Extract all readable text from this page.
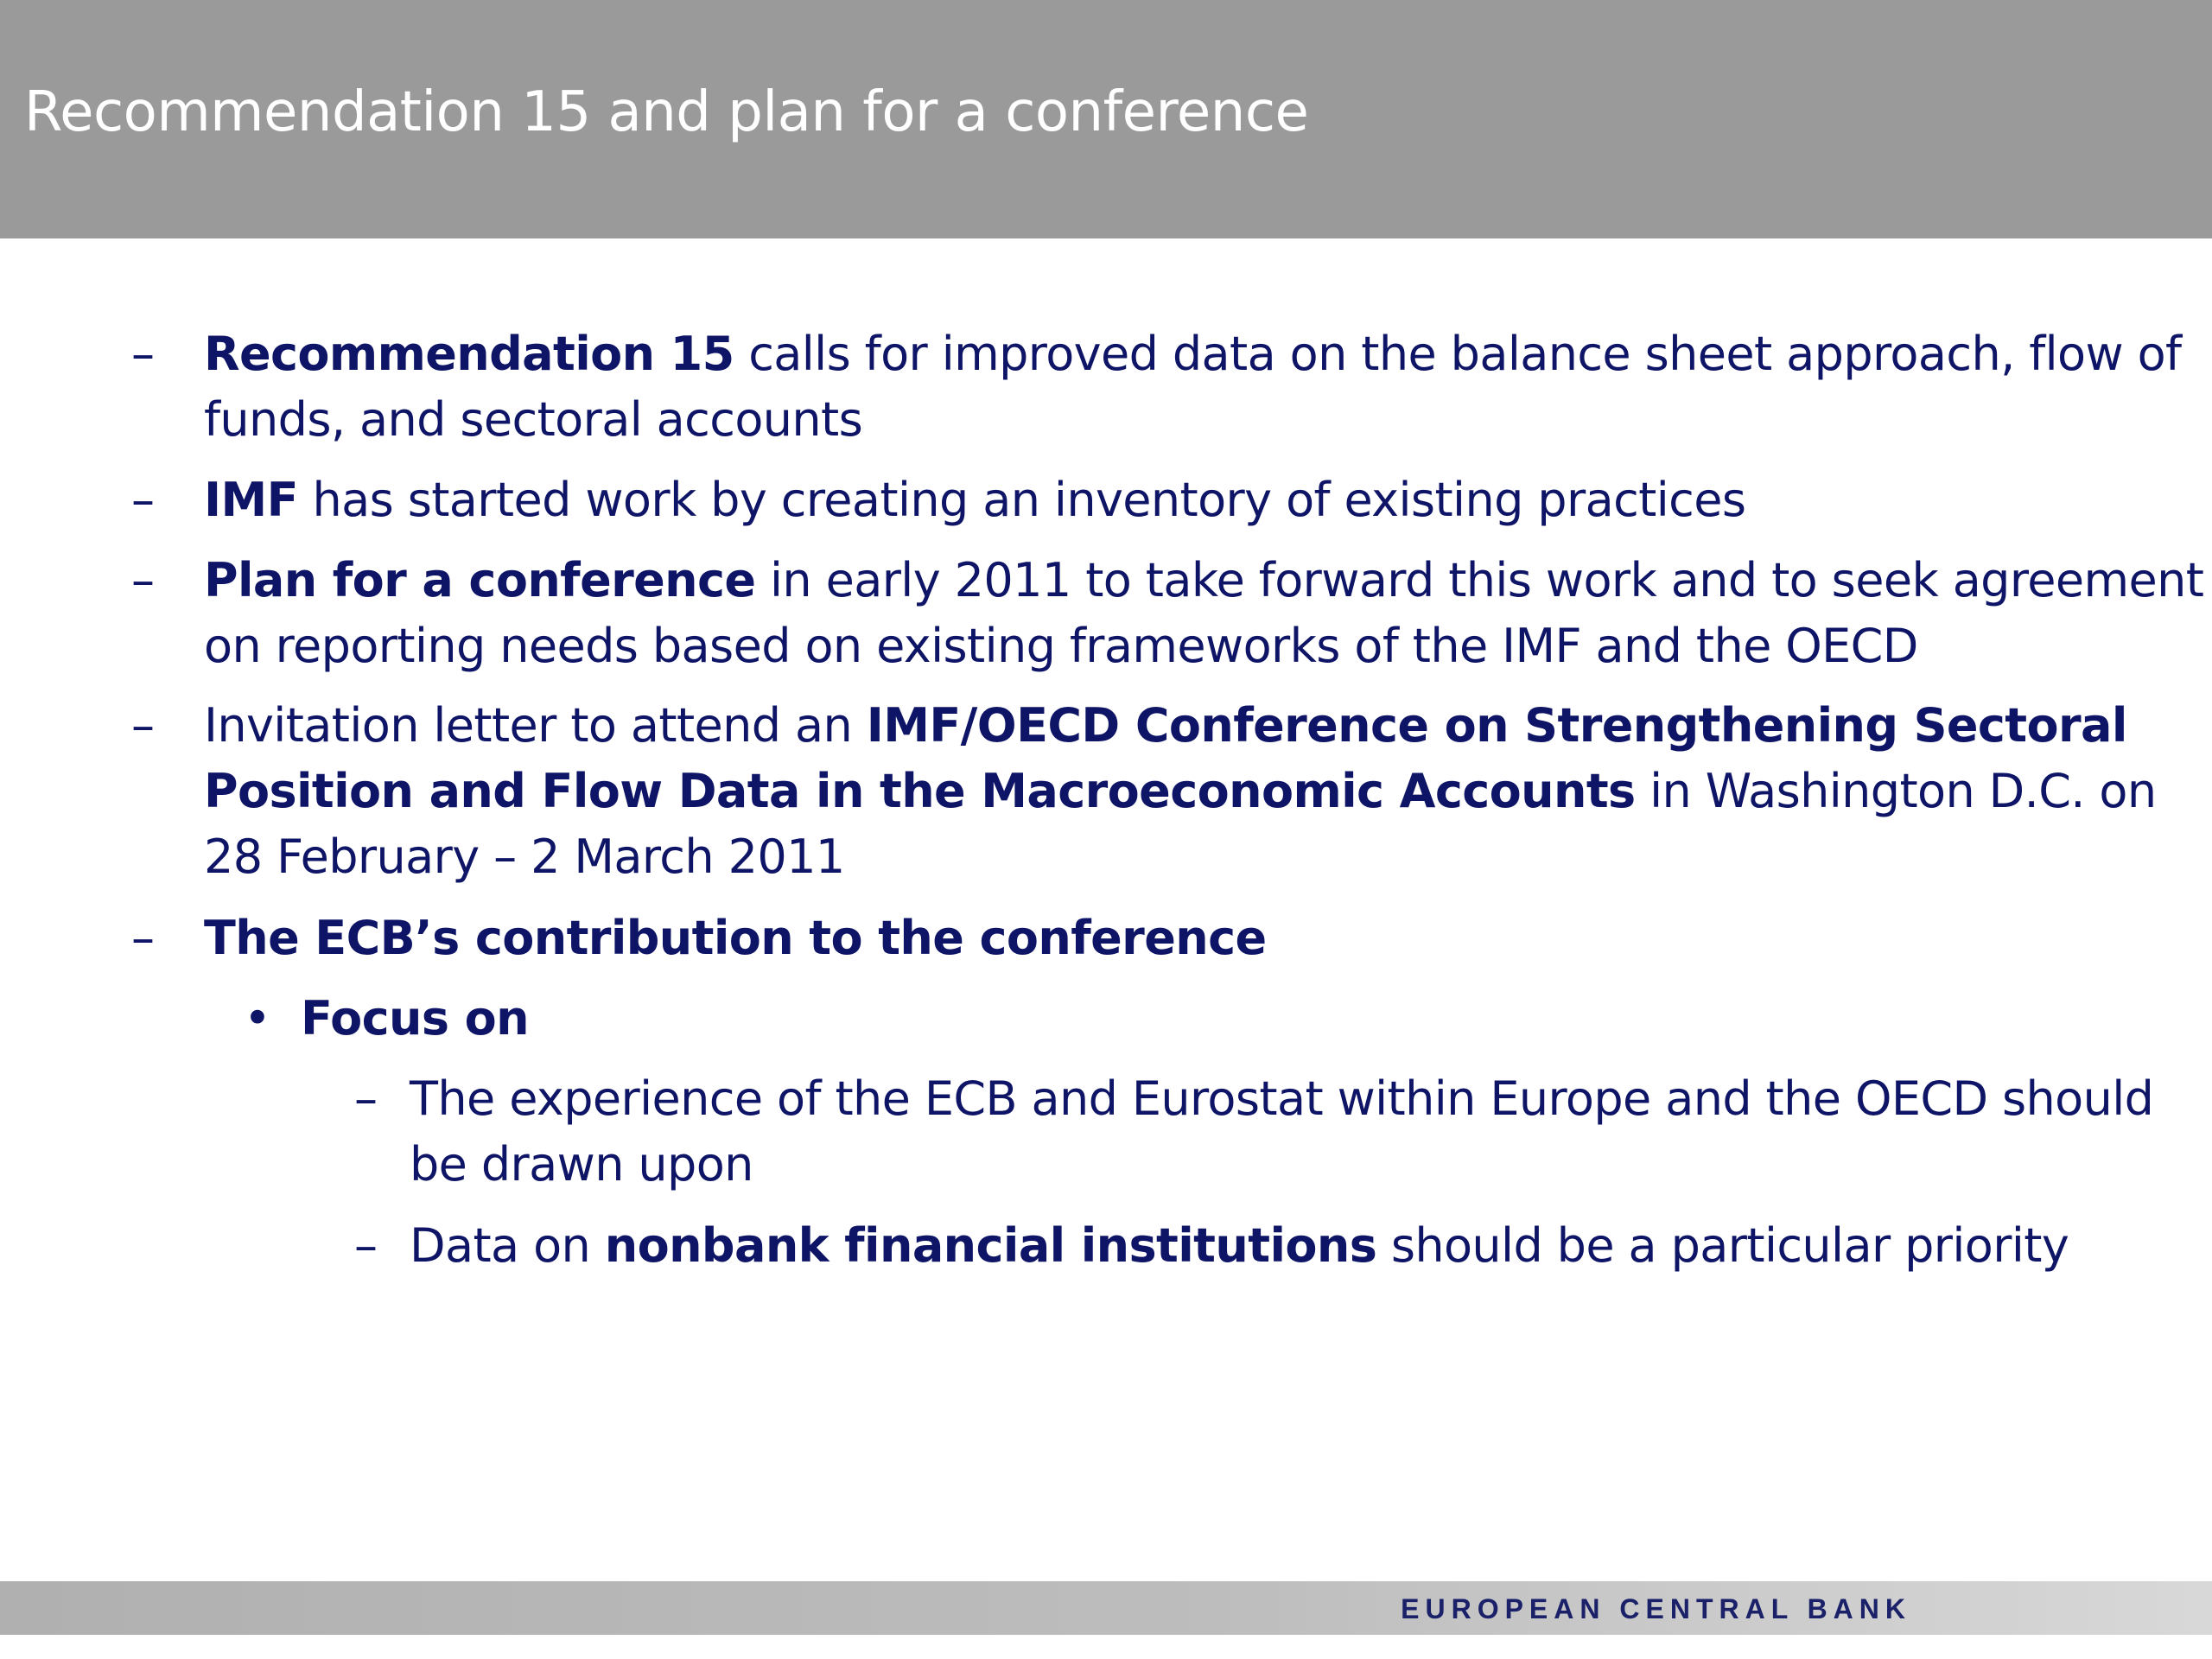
Recommendation 15 and plan for a conference
– Recommendation 15 calls for improved data on the balance sheet approach, flow of
funds, and sectoral accounts
– IMF has started work by creating an inventory of existing practices
– Plan for a conference in early 2011 to take forward this work and to seek agreement
on reporting needs based on existing frameworks of the IMF and the OECD
– Invitation letter to attend an IMF/OECD Conference on Strengthening Sectoral
Position and Flow Data in the Macroeconomic Accounts in Washington D.C. on
28 February – 2 March 2011
– The ECB’s contribution to the conference
• Focus on
– The experience of the ECB and Eurostat within Europe and the OECD should
be drawn upon
– Data on nonbank financial institutions should be a particular priority
EUROPEAN CENTRAL BANK
